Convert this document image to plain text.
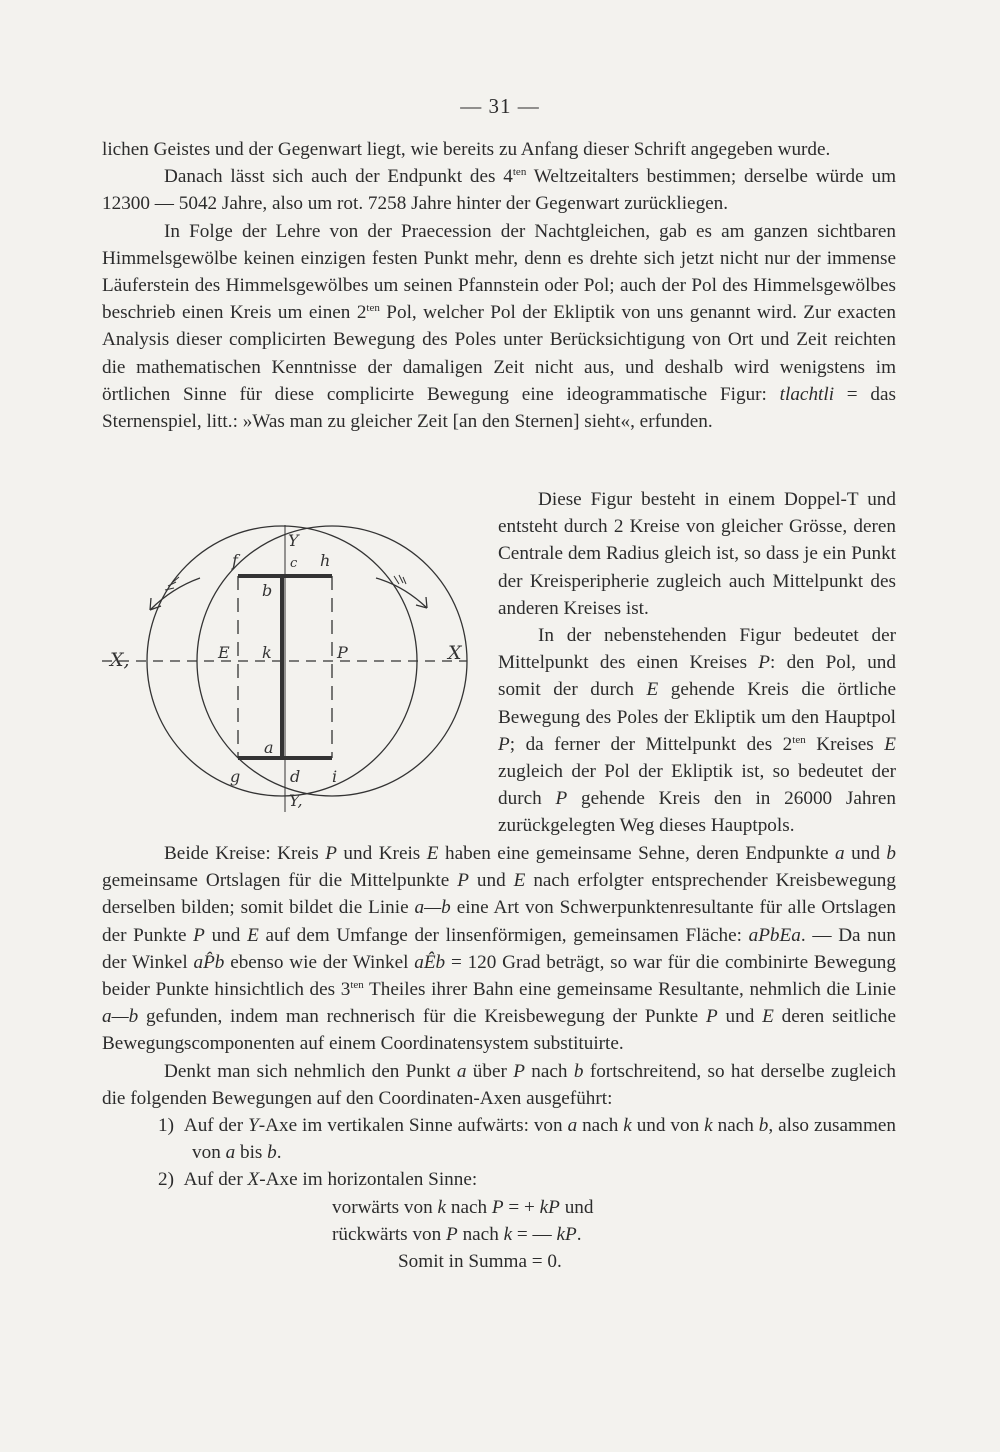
— 31 —

lichen Geistes und der Gegenwart liegt, wie bereits zu Anfang dieser Schrift angegeben wurde.

Danach lässt sich auch der Endpunkt des $4^{ten}$ Weltzeitalters bestimmen; derselbe würde um 12300 — 5042 Jahre, also um rot. 7258 Jahre hinter der Gegenwart zurückliegen.

In Folge der Lehre von der Praecession der Nachtgleichen, gab es am ganzen sichtbaren Himmelsgewölbe keinen einzigen festen Punkt mehr, denn es drehte sich jetzt nicht nur der immense Läuferstein des Himmelsgewölbes um seinen Pfannstein oder Pol; auch der Pol des Himmelsgewölbes beschrieb einen Kreis um einen $2^{ten}$ Pol, welcher Pol der Ekliptik von uns genannt wird. Zur exacten Analysis dieser complicirten Bewegung des Poles unter Berücksichtigung von Ort und Zeit reichten die mathematischen Kenntnisse der damaligen Zeit nicht aus, und deshalb wird wenigstens im örtlichen Sinne für diese complicirte Bewegung eine ideogrammatische Figur: tlachtli = das Sternenspiel, litt.: »Was man zu gleicher Zeit [an den Sternen] sieht«, erfunden.

Y
c
f	h
b
X,	X
E k	P
a
g	d i
Y,

Diese Figur besteht in einem Doppel-T und entsteht durch 2 Kreise von gleicher Grösse, deren Centrale dem Radius gleich ist, so dass je ein Punkt der Kreisperipherie zugleich auch Mittelpunkt des anderen Kreises ist.

In der nebenstehenden Figur bedeutet der Mittelpunkt des einen Kreises P: den Pol, und somit der durch E gehende Kreis die örtliche Bewegung des Poles der Ekliptik um den Hauptpol P; da ferner der Mittelpunkt des $2^{ten}$ Kreises E zugleich der Pol der Ekliptik ist, so bedeutet der durch P gehende Kreis den in 26000 Jahren zurückgelegten Weg dieses Hauptpols.

Beide Kreise: Kreis P und Kreis E haben eine gemeinsame Sehne, deren Endpunkte a und b gemeinsame Ortslagen für die Mittelpunkte P und E nach erfolgter entsprechender Kreisbewegung derselben bilden; somit bildet die Linie a—b eine Art von Schwerpunktenresultante für alle Ortslagen der Punkte P und E auf dem Umfange der linsenförmigen, gemeinsamen Fläche: aPbEa. — Da nun der Winkel aP̂b ebenso wie der Winkel aÊb = 120 Grad beträgt, so war für die combinirte Bewegung beider Punkte hinsichtlich des $3^{ten}$ Theiles ihrer Bahn eine gemeinsame Resultante, nehmlich die Linie a—b gefunden, indem man rechnerisch für die Kreisbewegung der Punkte P und E deren seitliche Bewegungscomponenten auf einem Coordinatensystem substituirte.

Denkt man sich nehmlich den Punkt a über P nach b fortschreitend, so hat derselbe zugleich die folgenden Bewegungen auf den Coordinaten-Axen ausgeführt:

1) Auf der Y-Axe im vertikalen Sinne aufwärts: von a nach k und von k nach b, also zusammen von a bis b.

2) Auf der X-Axe im horizontalen Sinne:

vorwärts von k nach P = + kP und

rückwärts von P nach k = — kP.

Somit in Summa = 0.
